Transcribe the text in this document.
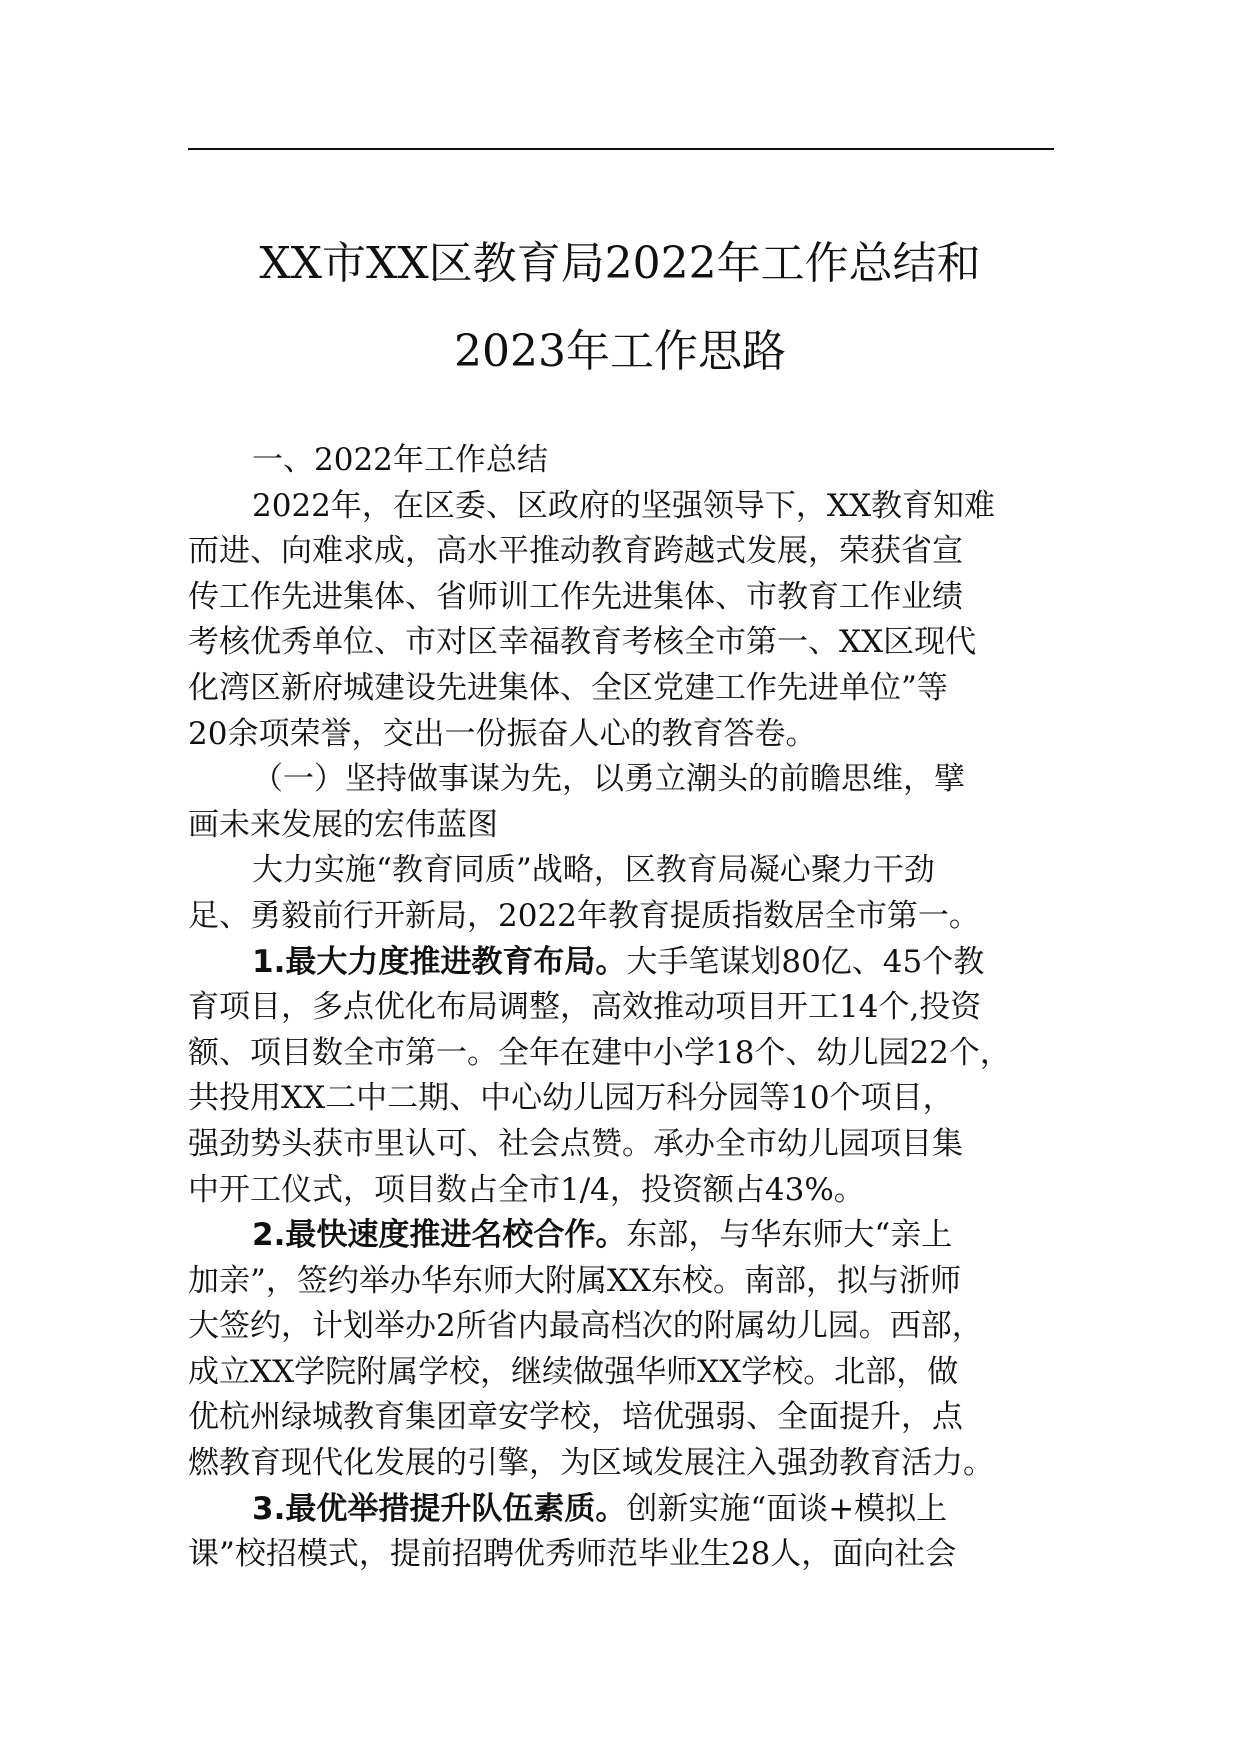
XX市XX区教育局2022年工作总结和
2023年工作思路
一、2022年工作总结
2022年，在区委、区政府的坚强领导下，XX教育知难
而进、向难求成，高水平推动教育跨越式发展，荣获省宣
传工作先进集体、省师训工作先进集体、市教育工作业绩
考核优秀单位、市对区幸福教育考核全市第一、XX区现代
化湾区新府城建设先进集体、全区党建工作先进单位”等
20余项荣誉，交出一份振奋人心的教育答卷。
（一）坚持做事谋为先，以勇立潮头的前瞻思维，擘
画未来发展的宏伟蓝图
大力实施“教育同质”战略，区教育局凝心聚力干劲
足、勇毅前行开新局，2022年教育提质指数居全市第一。
1.最大力度推进教育布局。大手笔谋划80亿、45个教
育项目，多点优化布局调整，高效推动项目开工14个,投资
额、项目数全市第一。全年在建中小学18个、幼儿园22个，
共投用XX二中二期、中心幼儿园万科分园等10个项目，
强劲势头获市里认可、社会点赞。承办全市幼儿园项目集
中开工仪式，项目数占全市1/4，投资额占43%。
2.最快速度推进名校合作。东部，与华东师大“亲上
加亲”，签约举办华东师大附属XX东校。南部，拟与浙师
大签约，计划举办2所省内最高档次的附属幼儿园。西部，
成立XX学院附属学校，继续做强华师XX学校。北部，做
优杭州绿城教育集团章安学校，培优强弱、全面提升，点
燃教育现代化发展的引擎，为区域发展注入强劲教育活力。
3.最优举措提升队伍素质。创新实施“面谈+模拟上
课”校招模式，提前招聘优秀师范毕业生28人，面向社会
